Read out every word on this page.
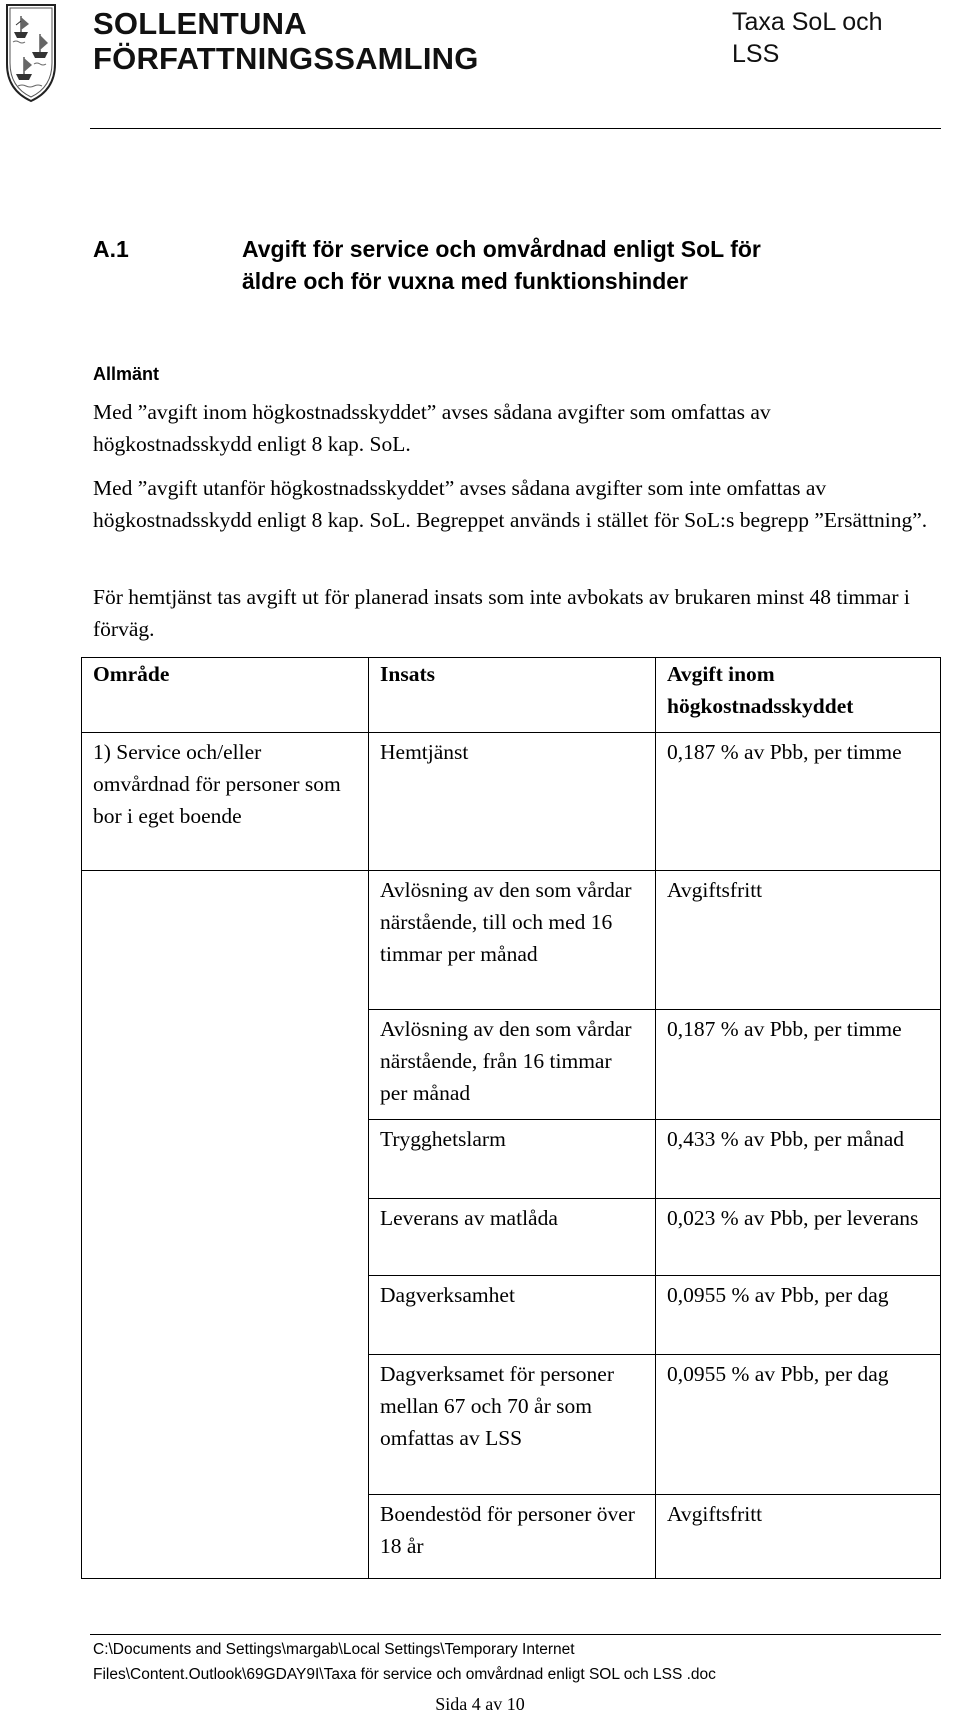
SOLLENTUNA
FÖRFATTNINGSSAMLING
Taxa SoL och
LSS
A.1	Avgift för service och omvårdnad enligt SoL för
äldre och för vuxna med funktionshinder
Allmänt

Med ”avgift inom högkostnadsskyddet” avses sådana avgifter som omfattas av högkostnadsskydd enligt 8 kap. SoL.

Med ”avgift utanför högkostnadsskyddet” avses sådana avgifter som inte omfattas av högkostnadsskydd enligt 8 kap. SoL. Begreppet används i stället för SoL:s begrepp ”Ersättning”.

För hemtjänst tas avgift ut för planerad insats som inte avbokats av brukaren minst 48 timmar i förväg.

Område	Insats	Avgift inom högkostnadsskyddet
1) Service och/eller omvårdnad för personer som bor i eget boende	Hemtjänst	0,187 % av Pbb, per timme
	Avlösning av den som vårdar närstående, till och med 16 timmar per månad	Avgiftsfritt
	Avlösning av den som vårdar närstående, från 16 timmar per månad	0,187 % av Pbb, per timme
	Trygghetslarm	0,433 % av Pbb, per månad
	Leverans av matlåda	0,023 % av Pbb, per leverans
	Dagverksamhet	0,0955 % av Pbb, per dag
	Dagverksamet för personer mellan 67 och 70 år som omfattas av LSS	0,0955 % av Pbb, per dag
	Boendestöd för personer över 18 år	Avgiftsfritt
C:\Documents and Settings\margab\Local Settings\Temporary Internet
Files\Content.Outlook\69GDAY9I\Taxa för service och omvårdnad enligt SOL och LSS .doc
Sida 4 av 10
